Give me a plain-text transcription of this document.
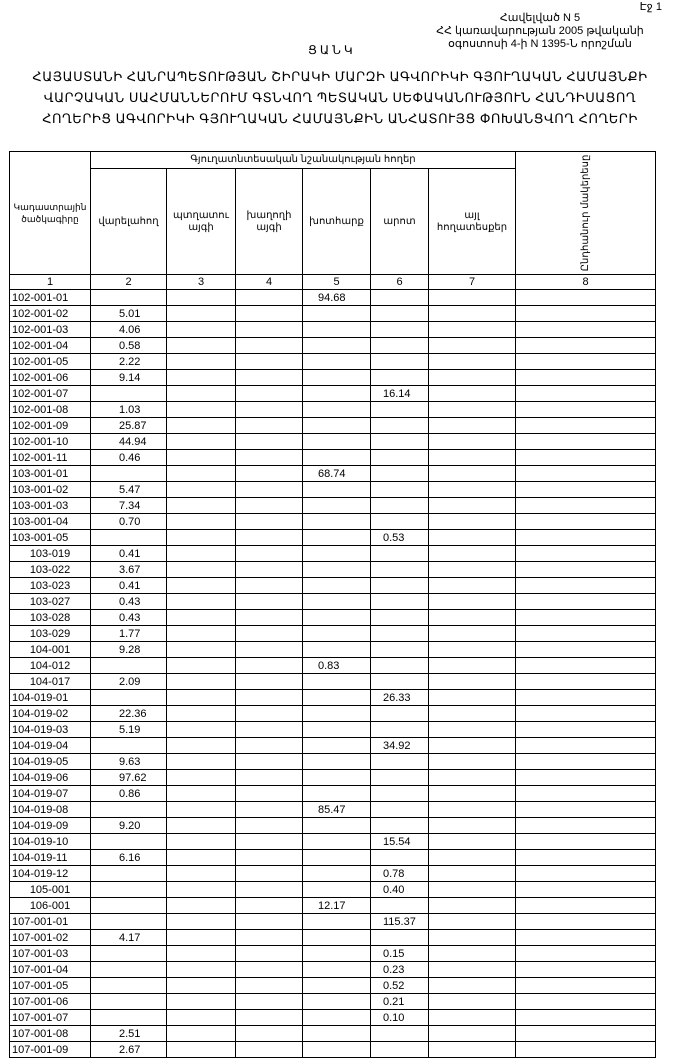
Էջ 1
Հավելված N 5
ՀՀ կառավարության 2005 թվականի
օգոստոսի 4-ի N 1395-Ն որոշման
ՑԱՆԿ
ՀԱՅԱՍՏԱՆԻ ՀԱՆՐԱՊԵՏՈՒԹՅԱՆ ՇԻՐԱԿԻ ՄԱՐԶԻ ԱԳՎՈՐԻԿԻ ԳՅՈՒՂԱԿԱՆ ՀԱՄԱՅՆՔԻ
ՎԱՐՉԱԿԱՆ ՍԱՀՄԱՆՆԵՐՈՒՄ ԳՏՆՎՈՂ ՊԵՏԱԿԱՆ ՍԵՓԱԿԱՆՈՒԹՅՈՒՆ ՀԱՆԴԻՍԱՑՈՂ
ՀՈՂԵՐԻՑ ԱԳՎՈՐԻԿԻ ԳՅՈՒՂԱԿԱՆ ՀԱՄԱՅՆՔԻՆ ԱՆՀԱՏՈՒՅՑ ՓՈԽԱՆՑՎՈՂ ՀՈՂԵՐԻ
Կադաստրային ծածկագիրը	Գյուղատնտեսական նշանակության հողեր						Ընդհանուր մակերեսը

	վարելահող	պտղատու այգի	խաղողի այգի	խոտհարք	արոտ	այլ հողատեսքեր	
1	2	3	4	5	6	7	8
102-001-01				94.68			
102-001-02	5.01						
102-001-03	4.06						
102-001-04	0.58						
102-001-05	2.22						
102-001-06	9.14						
102-001-07					16.14		
102-001-08	1.03						
102-001-09	25.87						
102-001-10	44.94						
102-001-11	0.46						
103-001-01				68.74			
103-001-02	5.47						
103-001-03	7.34						
103-001-04	0.70						
103-001-05					0.53		
103-019	0.41						
103-022	3.67						
103-023	0.41						
103-027	0.43						
103-028	0.43						
103-029	1.77						
104-001	9.28						
104-012				0.83			
104-017	2.09						
104-019-01					26.33		
104-019-02	22.36						
104-019-03	5.19						
104-019-04					34.92		
104-019-05	9.63						
104-019-06	97.62						
104-019-07	0.86						
104-019-08				85.47			
104-019-09	9.20						
104-019-10					15.54		
104-019-11	6.16						
104-019-12					0.78		
105-001					0.40		
106-001				12.17			
107-001-01					115.37		
107-001-02	4.17						
107-001-03					0.15		
107-001-04					0.23		
107-001-05					0.52		
107-001-06					0.21		
107-001-07					0.10		
107-001-08	2.51						
107-001-09	2.67						
